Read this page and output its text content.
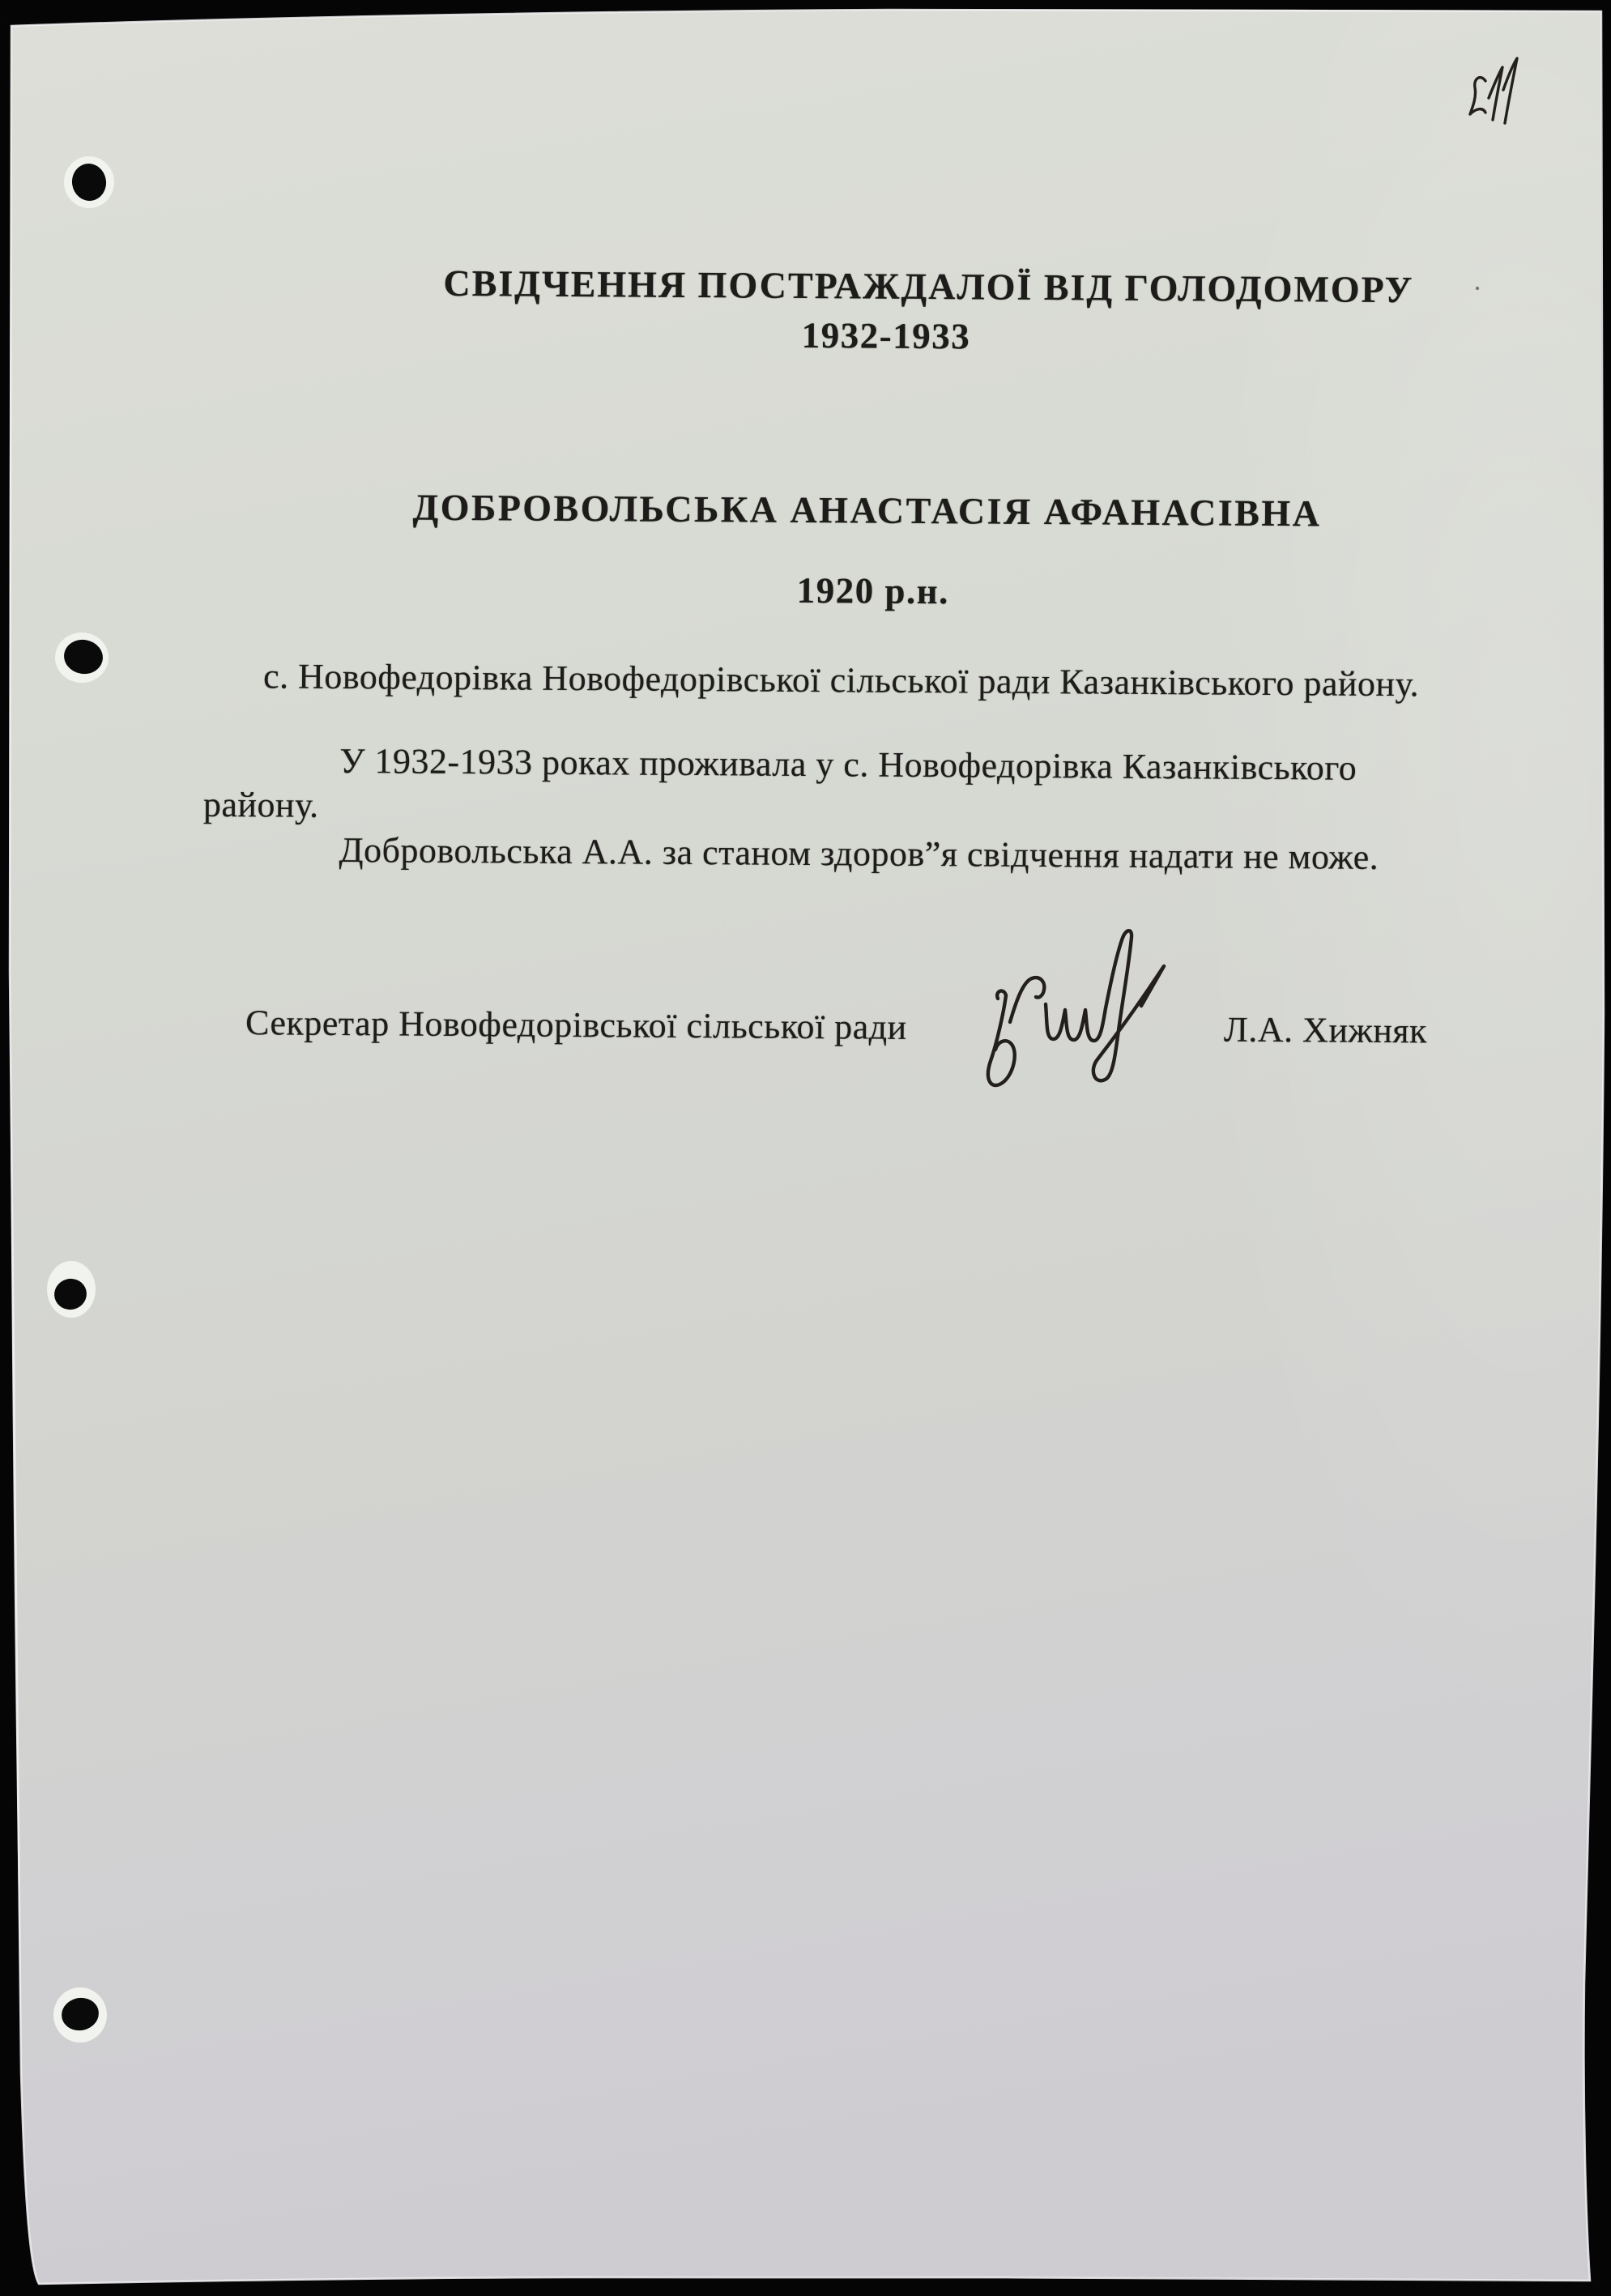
СВІДЧЕННЯ ПОСТРАЖДАЛОЇ ВІД ГОЛОДОМОРУ
1932-1933
ДОБРОВОЛЬСЬКА АНАСТАСІЯ АФАНАСІВНА
1920 р.н.
с. Новофедорівка Новофедорівської сільської ради Казанківського району.
У 1932-1933 роках проживала у с. Новофедорівка Казанківського
району.
Добровольська А.А. за станом здоров”я свідчення надати не може.
Секретар Новофедорівської сільської ради	Л.А. Хижняк
